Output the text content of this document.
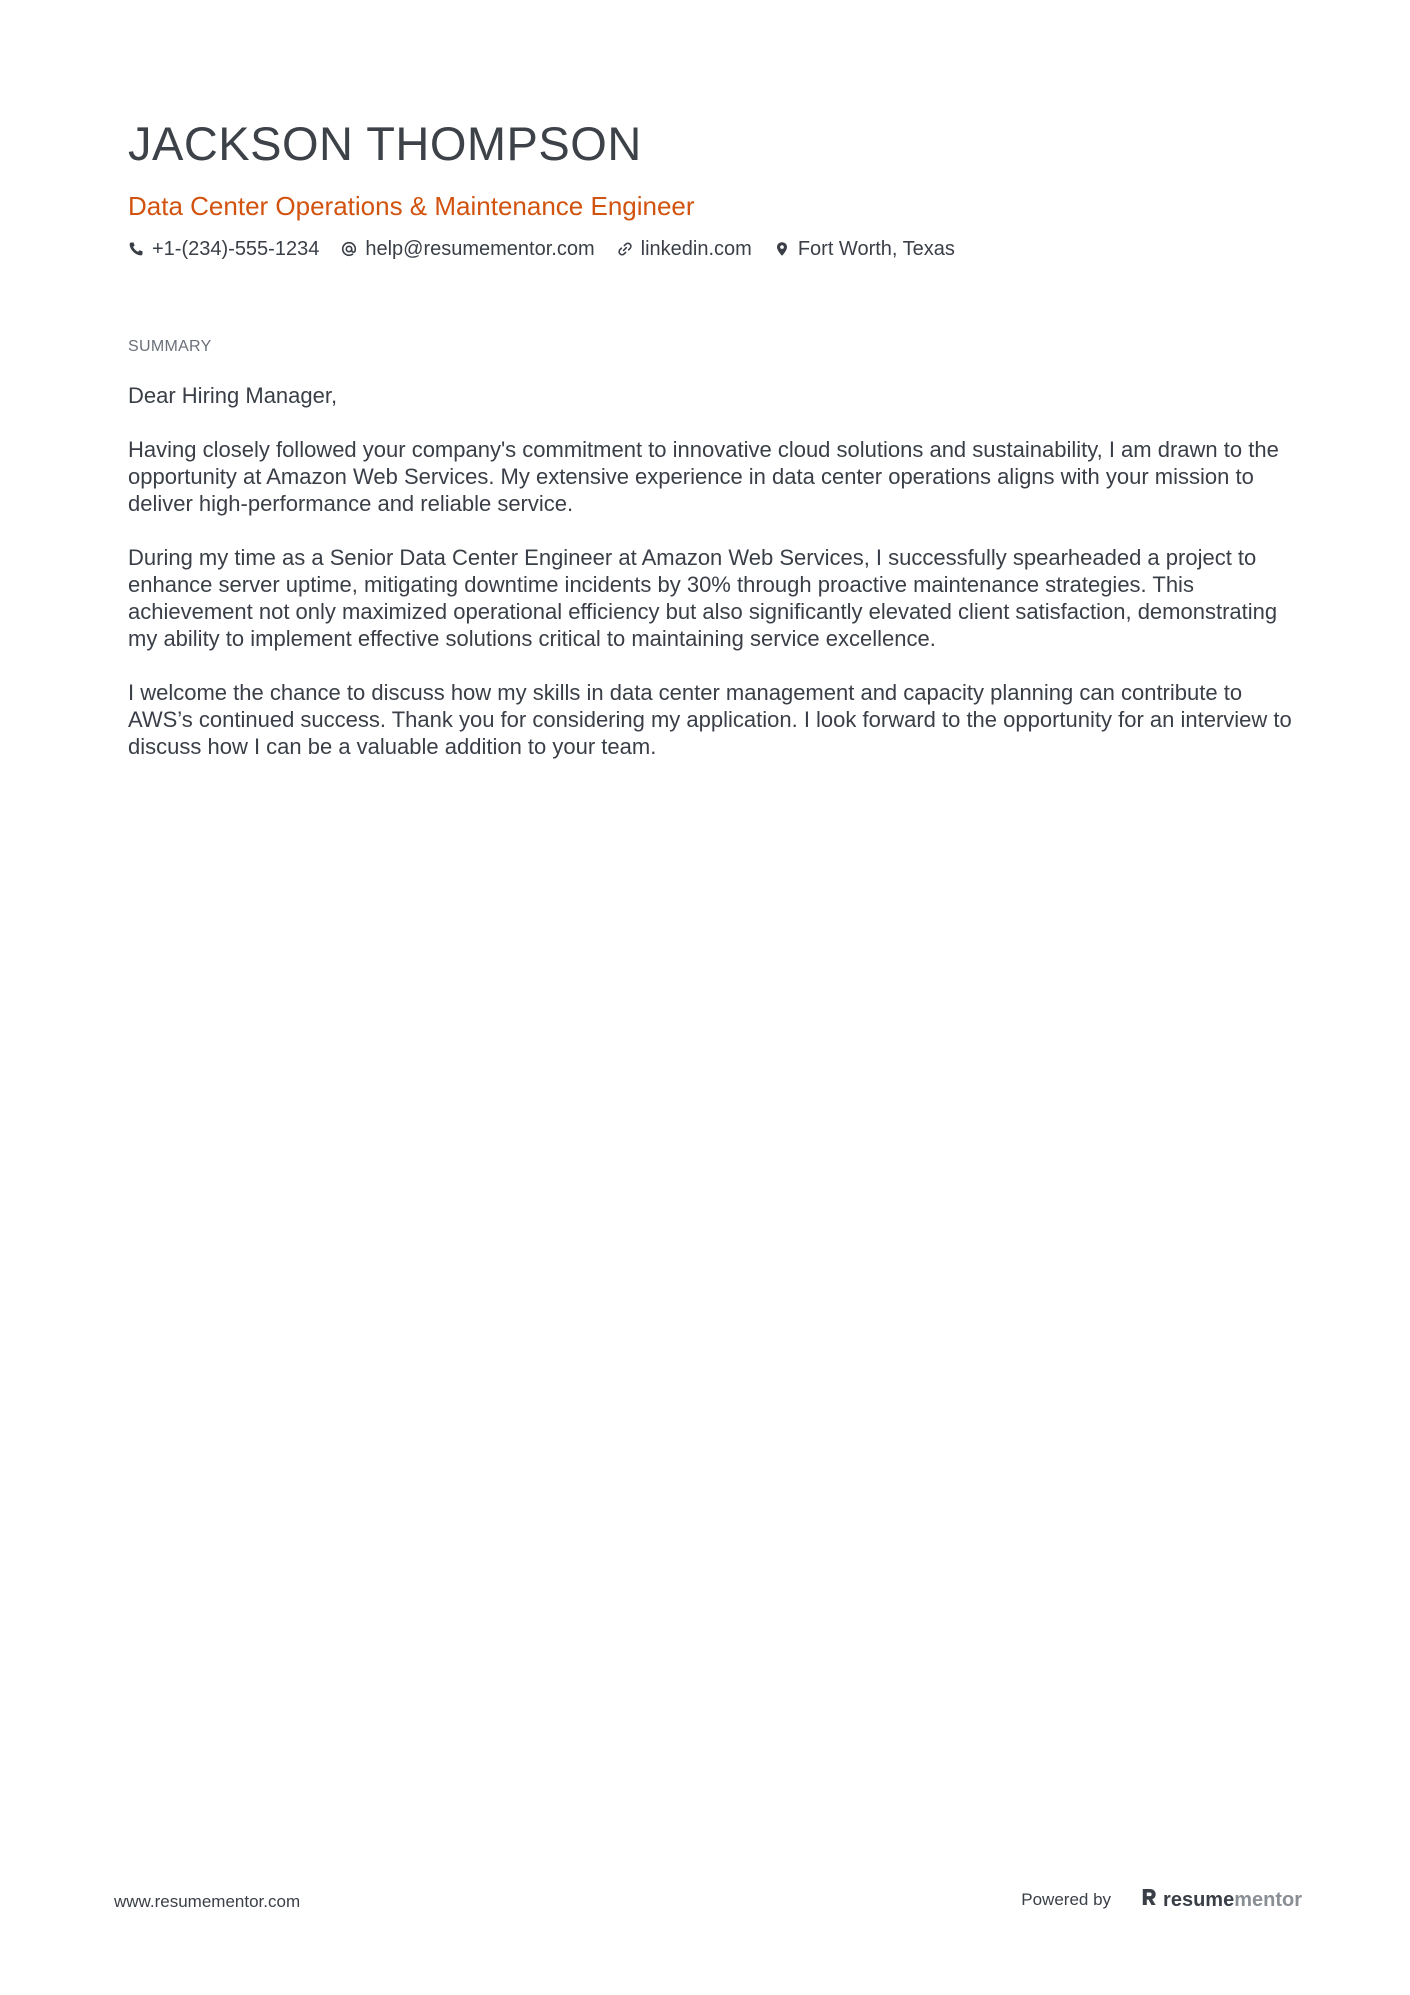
JACKSON THOMPSON
Data Center Operations & Maintenance Engineer
+1-(234)-555-1234 help@resumementor.com linkedin.com Fort Worth, Texas
SUMMARY

Dear Hiring Manager,

Having closely followed your company's commitment to innovative cloud solutions and sustainability, I am drawn to the opportunity at Amazon Web Services. My extensive experience in data center operations aligns with your mission to deliver high-performance and reliable service.

During my time as a Senior Data Center Engineer at Amazon Web Services, I successfully spearheaded a project to enhance server uptime, mitigating downtime incidents by 30% through proactive maintenance strategies. This achievement not only maximized operational efficiency but also significantly elevated client satisfaction, demonstrating my ability to implement effective solutions critical to maintaining service excellence.

I welcome the chance to discuss how my skills in data center management and capacity planning can contribute to AWS’s continued success. Thank you for considering my application. I look forward to the opportunity for an interview to discuss how I can be a valuable addition to your team.

www.resumementor.com	Powered by	resumementor
